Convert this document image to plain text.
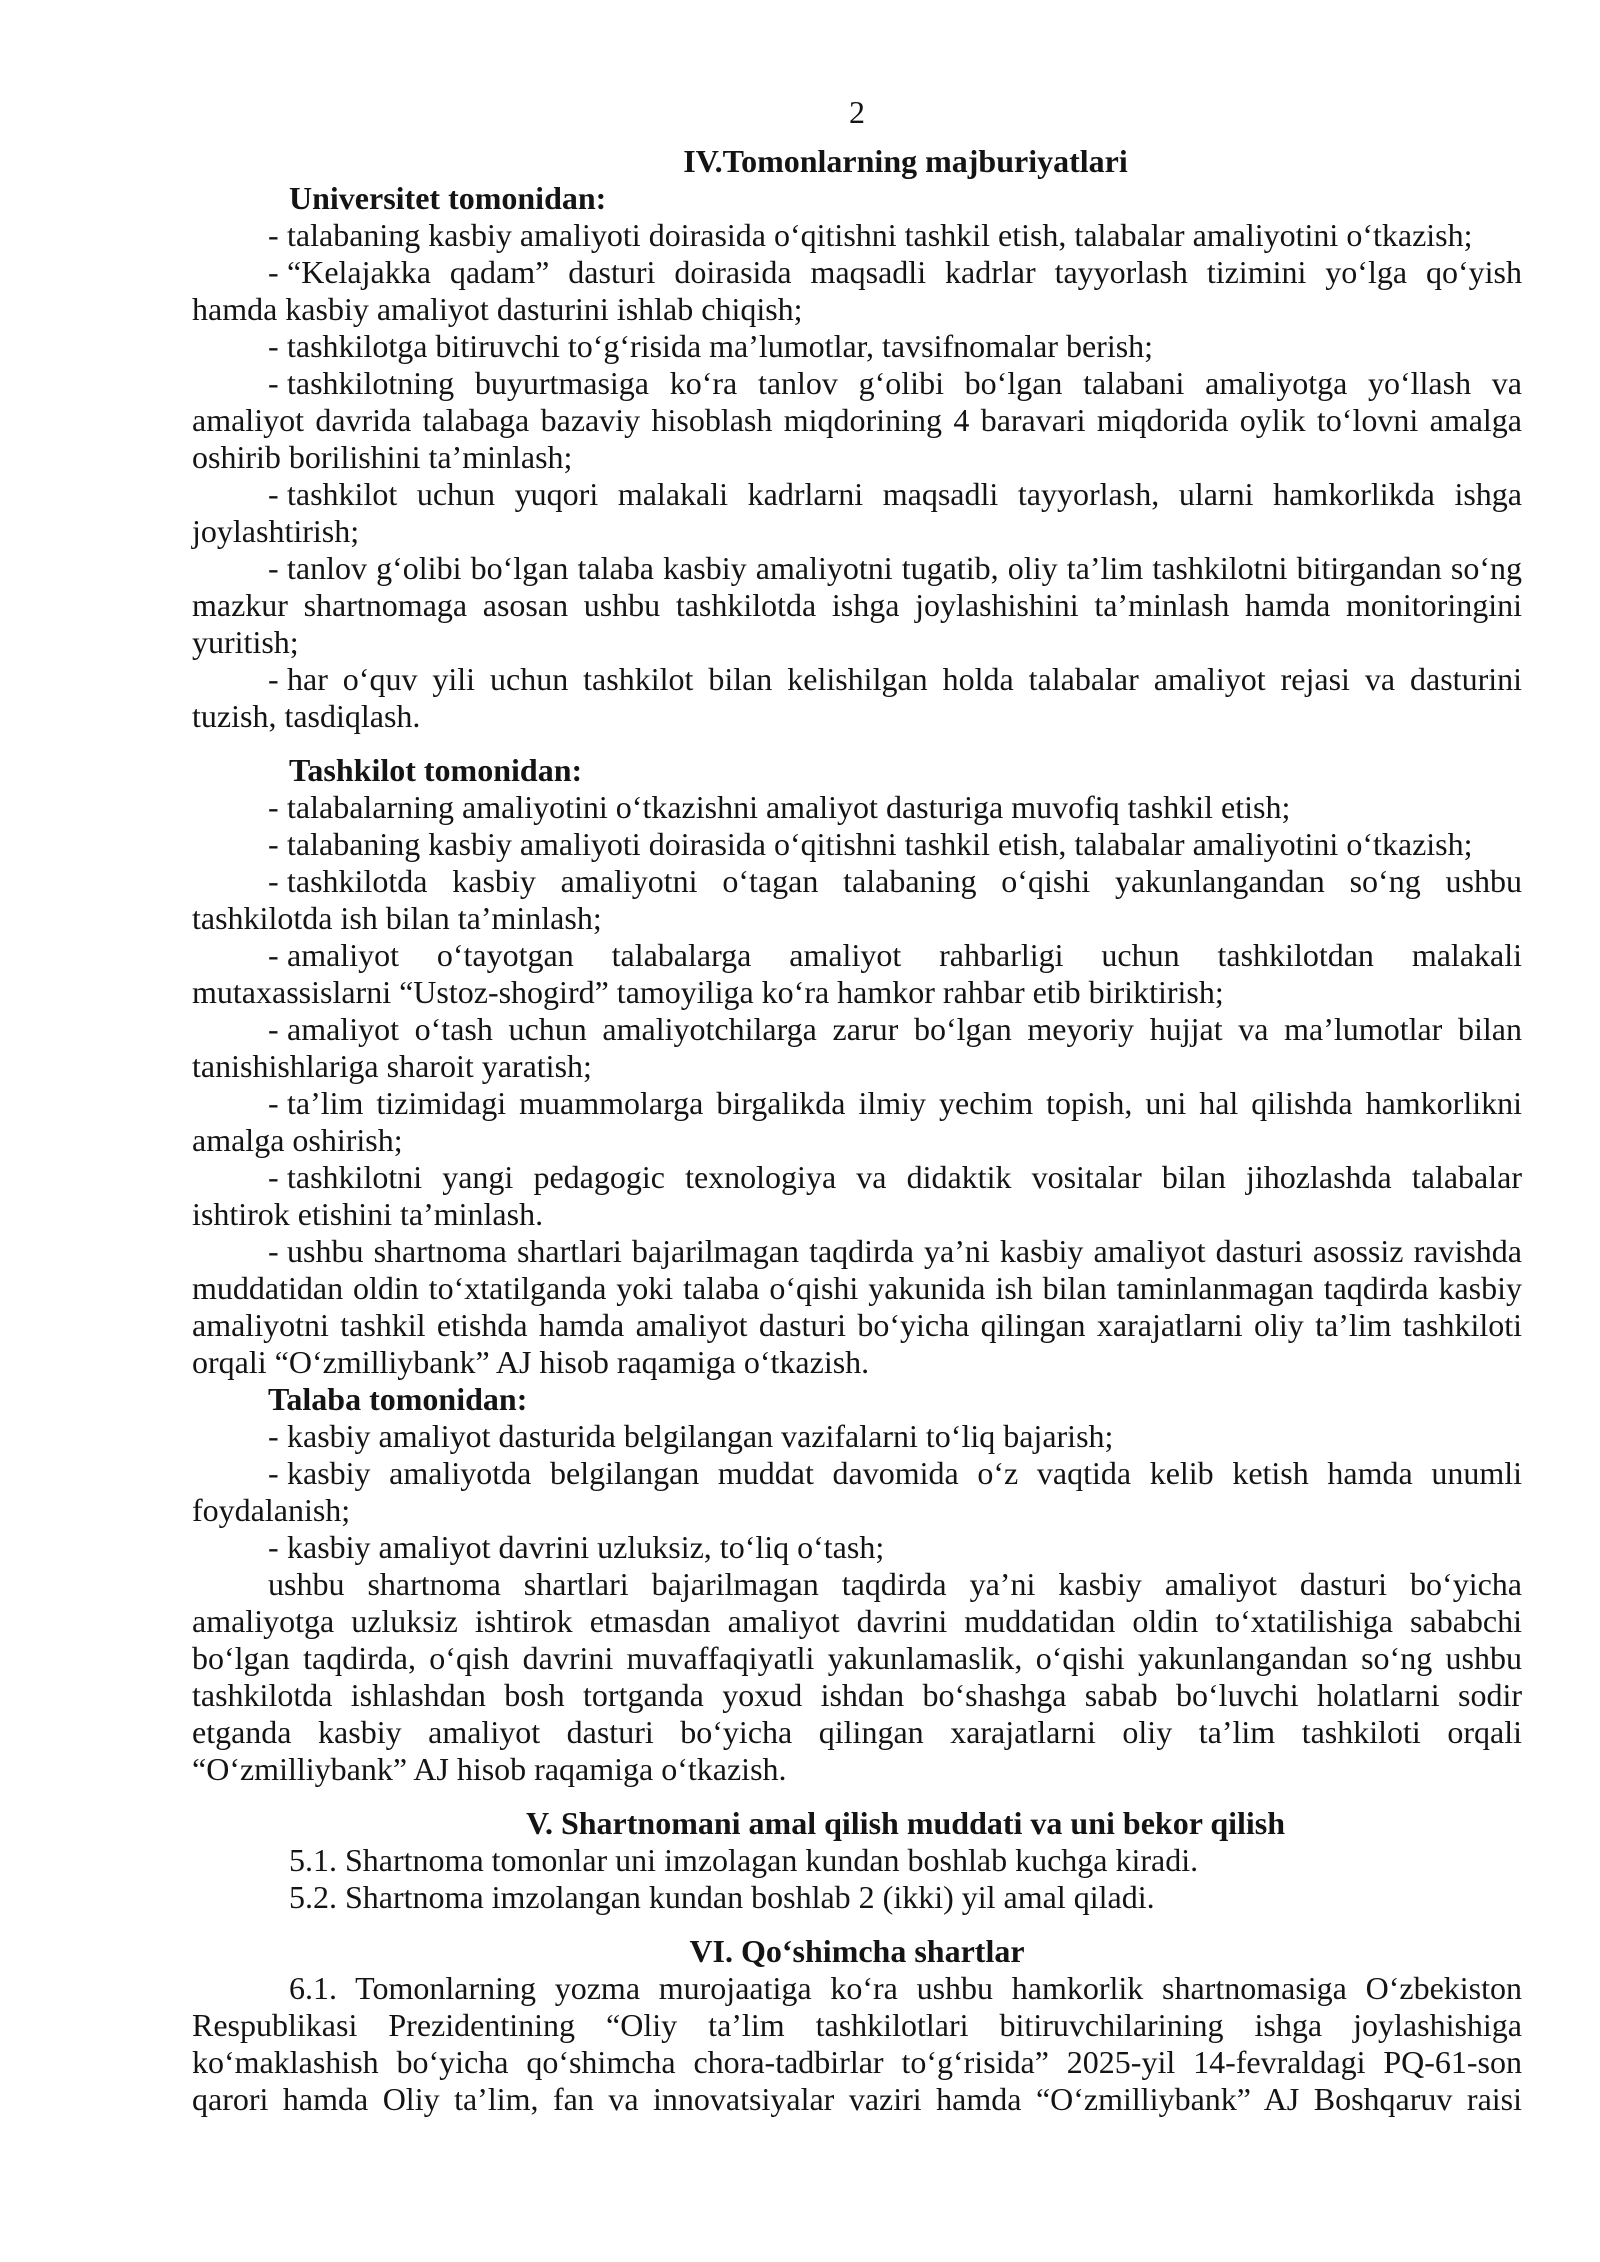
2
IV.Tomonlarning majburiyatlari
Universitet tomonidan:
- talabaning kasbiy amaliyoti doirasida o‘qitishni tashkil etish, talabalar amaliyotini o‘tkazish;
- “Kelajakka qadam” dasturi doirasida maqsadli kadrlar tayyorlash tizimini yo‘lga qo‘yish
hamda kasbiy amaliyot dasturini ishlab chiqish;
- tashkilotga bitiruvchi to‘g‘risida ma’lumotlar, tavsifnomalar berish;
- tashkilotning buyurtmasiga ko‘ra tanlov g‘olibi bo‘lgan talabani amaliyotga yo‘llash va
amaliyot davrida talabaga bazaviy hisoblash miqdorining 4 baravari miqdorida oylik to‘lovni amalga
oshirib borilishini ta’minlash;
- tashkilot uchun yuqori malakali kadrlarni maqsadli tayyorlash, ularni hamkorlikda ishga
joylashtirish;
- tanlov g‘olibi bo‘lgan talaba kasbiy amaliyotni tugatib, oliy ta’lim tashkilotni bitirgandan so‘ng
mazkur shartnomaga asosan ushbu tashkilotda ishga joylashishini ta’minlash hamda monitoringini
yuritish;
- har o‘quv yili uchun tashkilot bilan kelishilgan holda talabalar amaliyot rejasi va dasturini
tuzish, tasdiqlash.
Tashkilot tomonidan:
- talabalarning amaliyotini o‘tkazishni amaliyot dasturiga muvofiq tashkil etish;
- talabaning kasbiy amaliyoti doirasida o‘qitishni tashkil etish, talabalar amaliyotini o‘tkazish;
- tashkilotda kasbiy amaliyotni o‘tagan talabaning o‘qishi yakunlangandan so‘ng ushbu
tashkilotda ish bilan ta’minlash;
- amaliyot o‘tayotgan talabalarga amaliyot rahbarligi uchun tashkilotdan malakali
mutaxassislarni “Ustoz-shogird” tamoyiliga ko‘ra hamkor rahbar etib biriktirish;
- amaliyot o‘tash uchun amaliyotchilarga zarur bo‘lgan meyoriy hujjat va ma’lumotlar bilan
tanishishlariga sharoit yaratish;
- ta’lim tizimidagi muammolarga birgalikda ilmiy yechim topish, uni hal qilishda hamkorlikni
amalga oshirish;
- tashkilotni yangi pedagogic texnologiya va didaktik vositalar bilan jihozlashda talabalar
ishtirok etishini ta’minlash.
- ushbu shartnoma shartlari bajarilmagan taqdirda ya’ni kasbiy amaliyot dasturi asossiz ravishda
muddatidan oldin to‘xtatilganda yoki talaba o‘qishi yakunida ish bilan taminlanmagan taqdirda kasbiy
amaliyotni tashkil etishda hamda amaliyot dasturi bo‘yicha qilingan xarajatlarni oliy ta’lim tashkiloti
orqali “O‘zmilliybank” AJ hisob raqamiga o‘tkazish.
Talaba tomonidan:
- kasbiy amaliyot dasturida belgilangan vazifalarni to‘liq bajarish;
- kasbiy amaliyotda belgilangan muddat davomida o‘z vaqtida kelib ketish hamda unumli
foydalanish;
- kasbiy amaliyot davrini uzluksiz, to‘liq o‘tash;
ushbu shartnoma shartlari bajarilmagan taqdirda ya’ni kasbiy amaliyot dasturi bo‘yicha
amaliyotga uzluksiz ishtirok etmasdan amaliyot davrini muddatidan oldin to‘xtatilishiga sababchi
bo‘lgan taqdirda, o‘qish davrini muvaffaqiyatli yakunlamaslik, o‘qishi yakunlangandan so‘ng ushbu
tashkilotda ishlashdan bosh tortganda yoxud ishdan bo‘shashga sabab bo‘luvchi holatlarni sodir
etganda kasbiy amaliyot dasturi bo‘yicha qilingan xarajatlarni oliy ta’lim tashkiloti orqali
“O‘zmilliybank” AJ hisob raqamiga o‘tkazish.
V. Shartnomani amal qilish muddati va uni bekor qilish
5.1. Shartnoma tomonlar uni imzolagan kundan boshlab kuchga kiradi.
5.2. Shartnoma imzolangan kundan boshlab 2 (ikki) yil amal qiladi.
VI. Qo‘shimcha shartlar
6.1. Tomonlarning yozma murojaatiga ko‘ra ushbu hamkorlik shartnomasiga O‘zbekiston
Respublikasi Prezidentining “Oliy ta’lim tashkilotlari bitiruvchilarining ishga joylashishiga
ko‘maklashish bo‘yicha qo‘shimcha chora-tadbirlar to‘g‘risida” 2025-yil 14-fevraldagi PQ-61-son
qarori hamda Oliy ta’lim, fan va innovatsiyalar vaziri hamda “O‘zmilliybank” AJ Boshqaruv raisi
